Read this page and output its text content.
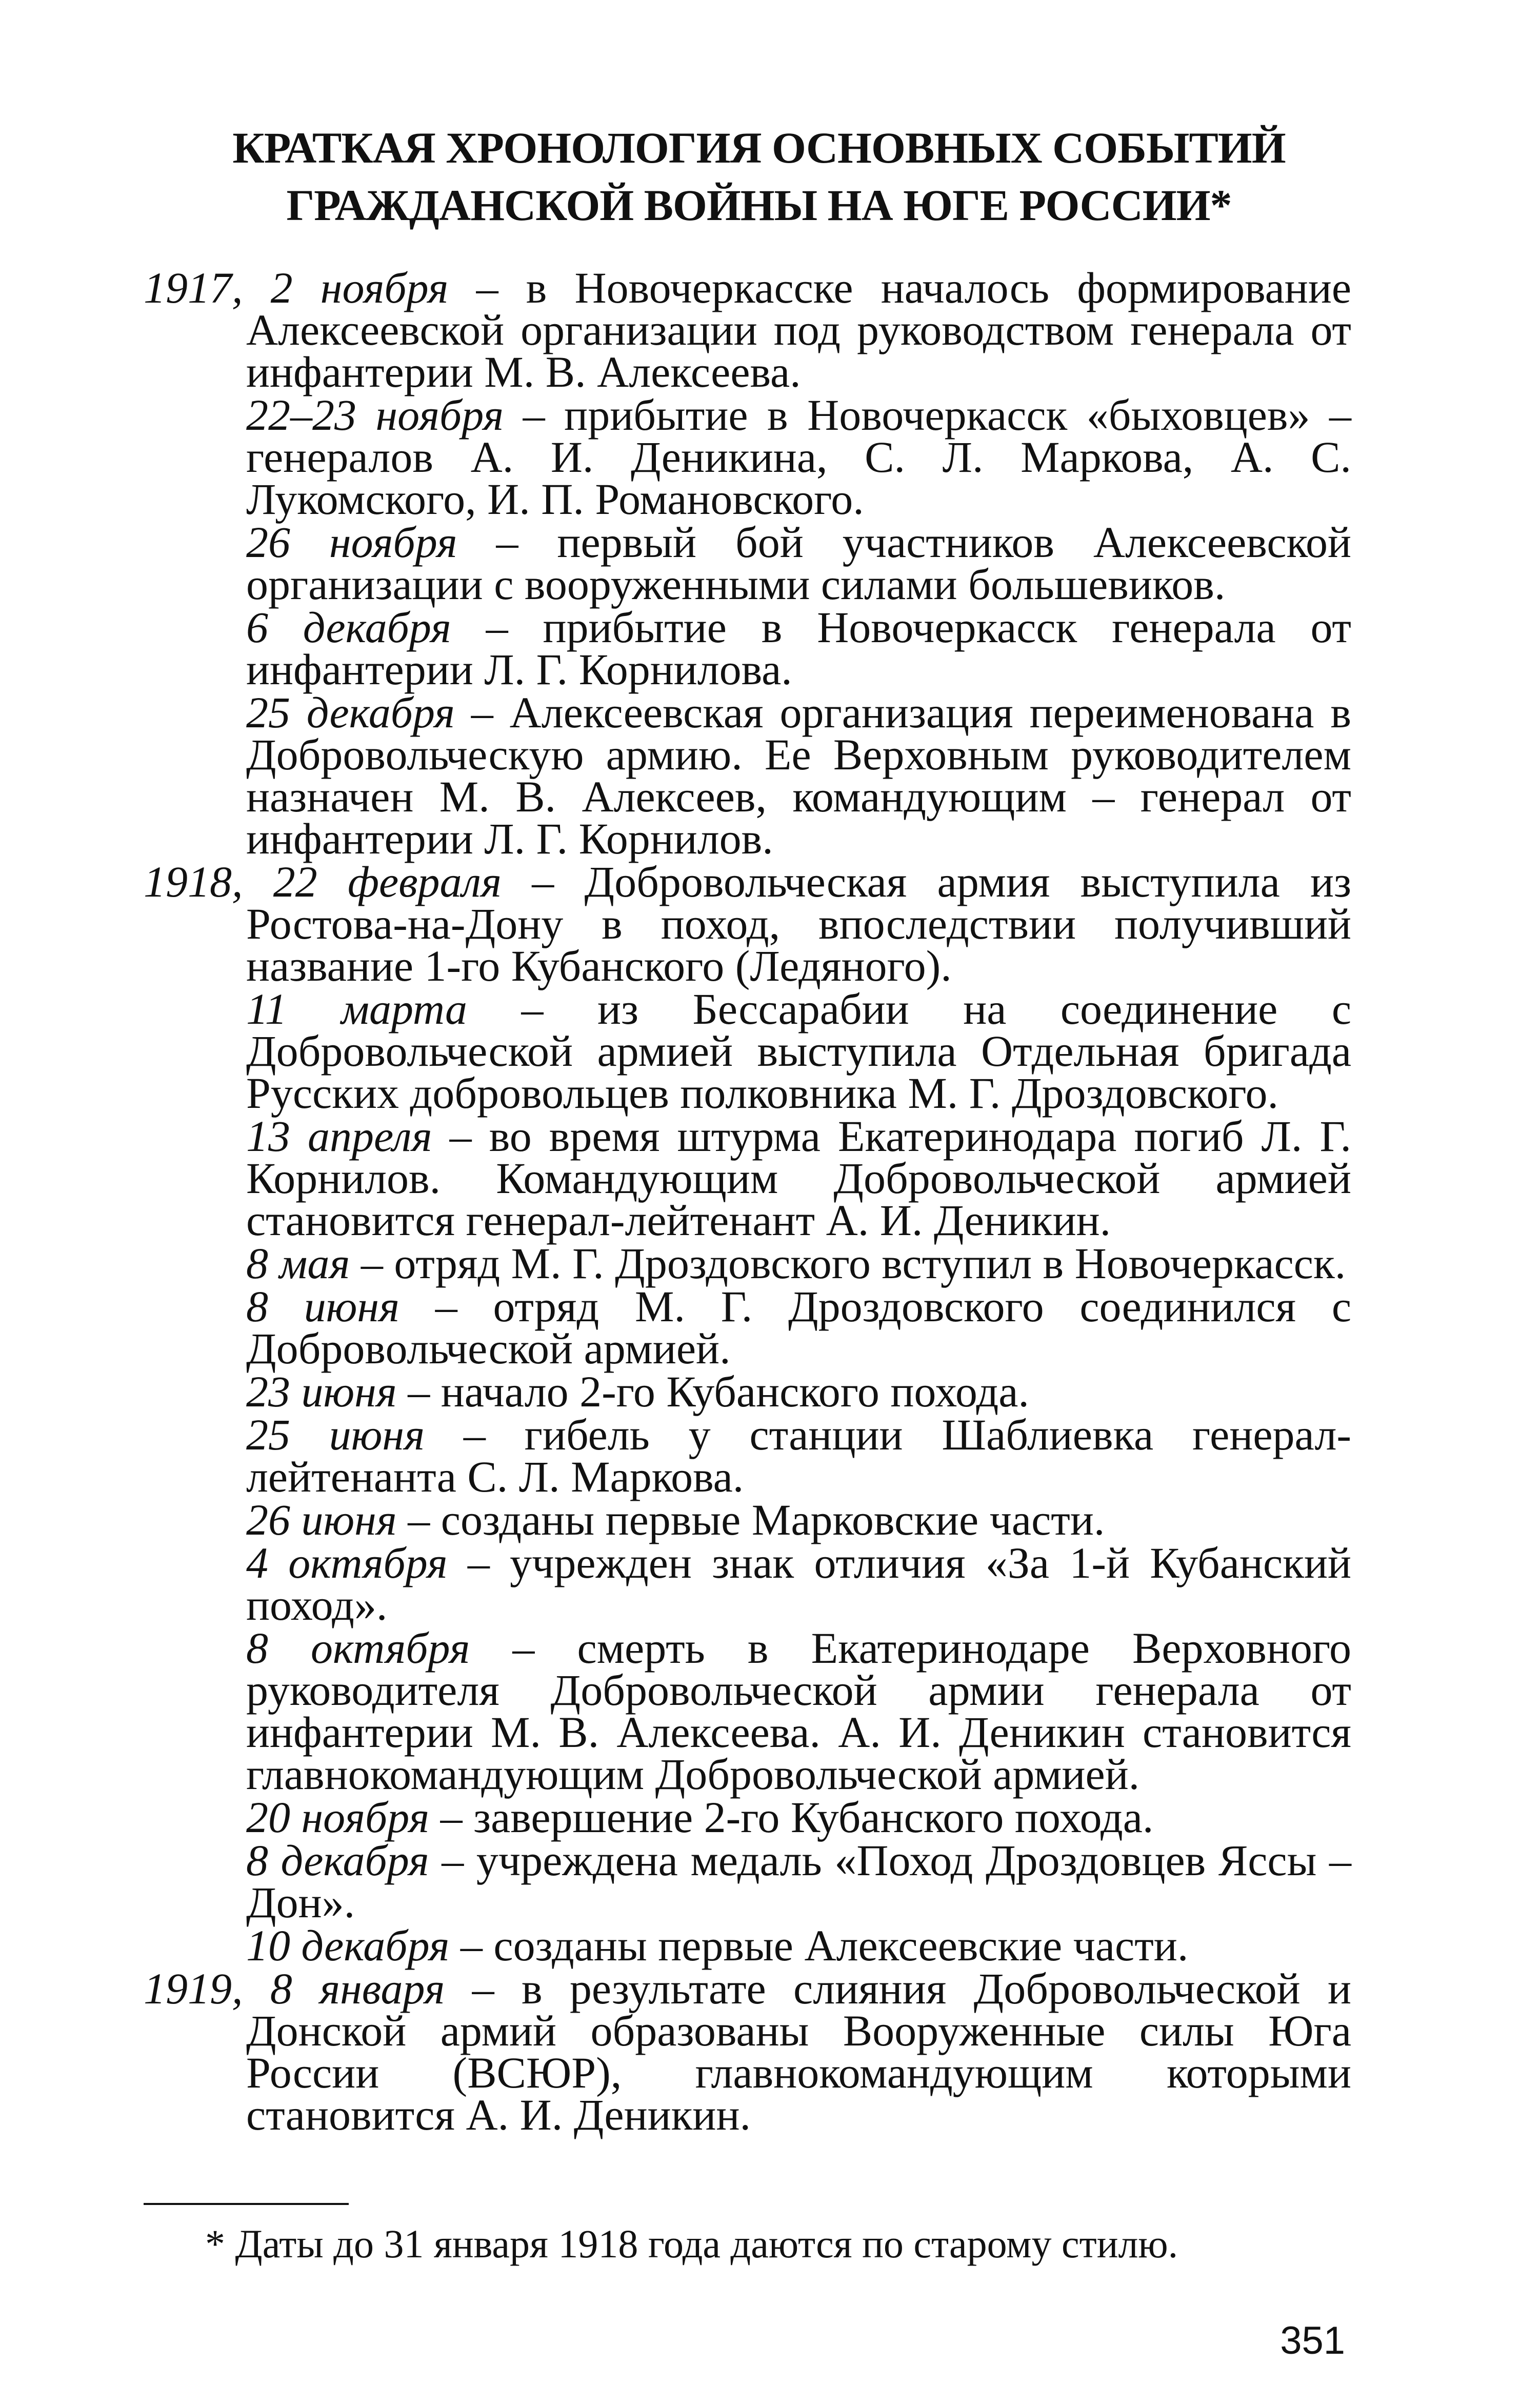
КРАТКАЯ ХРОНОЛОГИЯ ОСНОВНЫХ СОБЫТИЙ
ГРАЖДАНСКОЙ ВОЙНЫ НА ЮГЕ РОССИИ*

1917, 2 ноября – в Новочеркасске началось формирование Алексеевской организации под руководством генерала от инфантерии М. В. Алексеева.

22–23 ноября – прибытие в Новочеркасск «быховцев» – генералов А. И. Деникина, С. Л. Маркова, А. С. Лукомского, И. П. Романовского.

26 ноября – первый бой участников Алексеевской организации с вооруженными силами большевиков.

6 декабря – прибытие в Новочеркасск генерала от инфантерии Л. Г. Корнилова.

25 декабря – Алексеевская организация переименована в Добровольческую армию. Ее Верховным руководителем назначен М. В. Алексеев, командующим – генерал от инфантерии Л. Г. Корнилов.

1918, 22 февраля – Добровольческая армия выступила из Ростова-на-Дону в поход, впоследствии получивший название 1-го Кубанского (Ледяного).

11 марта – из Бессарабии на соединение с Добровольческой армией выступила Отдельная бригада Русских добровольцев полковника М. Г. Дроздовского.

13 апреля – во время штурма Екатеринодара погиб Л. Г. Корнилов. Командующим Добровольческой армией становится генерал-лейтенант А. И. Деникин.

8 мая – отряд М. Г. Дроздовского вступил в Новочеркасск.

8 июня – отряд М. Г. Дроздовского соединился с Добровольческой армией.

23 июня – начало 2-го Кубанского похода.

25 июня – гибель у станции Шаблиевка генерал-лейтенанта С. Л. Маркова.

26 июня – созданы первые Марковские части.

4 октября – учрежден знак отличия «За 1-й Кубанский поход».

8 октября – смерть в Екатеринодаре Верховного руководителя Добровольческой армии генерала от инфантерии М. В. Алексеева. А. И. Деникин становится главнокомандующим Добровольческой армией.

20 ноября – завершение 2-го Кубанского похода.

8 декабря – учреждена медаль «Поход Дроздовцев Яссы – Дон».

10 декабря – созданы первые Алексеевские части.

1919, 8 января – в результате слияния Добровольческой и Донской армий образованы Вооруженные силы Юга России (ВСЮР), главнокомандующим которыми становится А. И. Деникин.

* Даты до 31 января 1918 года даются по старому стилю.
351
